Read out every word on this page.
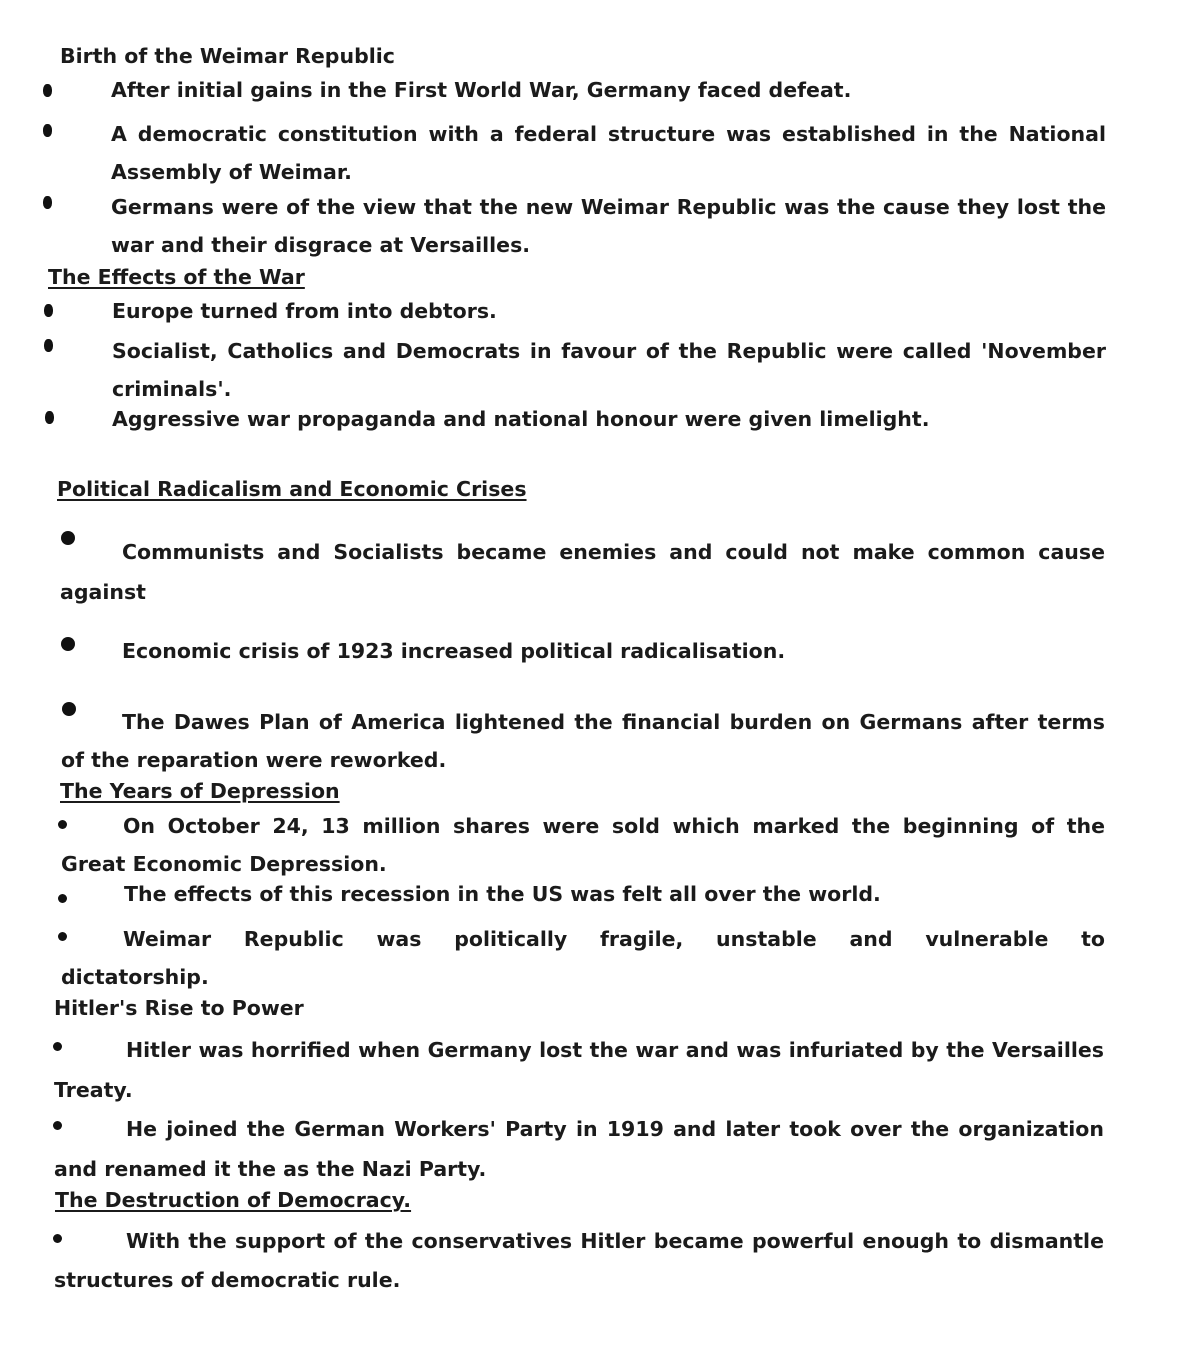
Birth of the Weimar Republic
After initial gains in the First World War, Germany faced defeat.
A democratic constitution with a federal structure was established in the National Assembly of Weimar.
Germans were of the view that the new Weimar Republic was the cause they lost the war and their disgrace at Versailles.
The Effects of the War
Europe turned from into debtors.
Socialist, Catholics and Democrats in favour of the Republic were called 'November criminals'.
Aggressive war propaganda and national honour were given limelight.
Political Radicalism and Economic Crises
Communists and Socialists became enemies and could not make common cause against
Economic crisis of 1923 increased political radicalisation.
The Dawes Plan of America lightened the financial burden on Germans after terms of the reparation were reworked.
The Years of Depression
On October 24, 13 million shares were sold which marked the beginning of the Great Economic Depression.
The effects of this recession in the US was felt all over the world.
Weimar Republic was politically fragile, unstable and vulnerable to dictatorship.
Hitler's Rise to Power
Hitler was horrified when Germany lost the war and was infuriated by the Versailles Treaty.
He joined the German Workers' Party in 1919 and later took over the organization and renamed it the as the Nazi Party.
The Destruction of Democracy.
With the support of the conservatives Hitler became powerful enough to dismantle structures of democratic rule.
